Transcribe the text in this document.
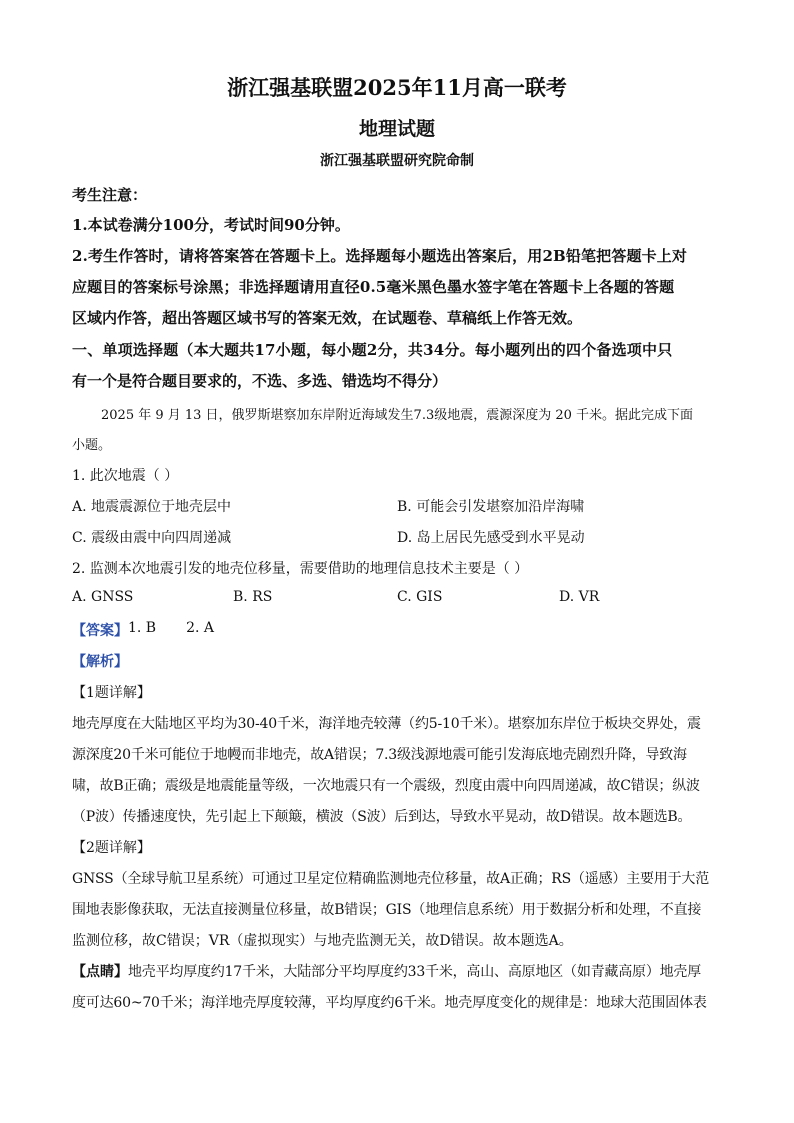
浙江强基联盟2025年11月高一联考
地理试题
浙江强基联盟研究院命制
考生注意：
1.本试卷满分100分，考试时间90分钟。
2.考生作答时，请将答案答在答题卡上。选择题每小题选出答案后，用2B铅笔把答题卡上对
应题目的答案标号涂黑；非选择题请用直径0.5毫米黑色墨水签字笔在答题卡上各题的答题
区域内作答，超出答题区域书写的答案无效，在试题卷、草稿纸上作答无效。
一、单项选择题（本大题共17小题，每小题2分，共34分。每小题列出的四个备选项中只
有一个是符合题目要求的，不选、多选、错选均不得分）
2025 年 9 月 13 日，俄罗斯堪察加东岸附近海域发生7.3级地震，震源深度为 20 千米。据此完成下面
小题。
1. 此次地震（ ）
A. 地震震源位于地壳层中	B. 可能会引发堪察加沿岸海啸
C. 震级由震中向四周递减	D. 岛上居民先感受到水平晃动
2. 监测本次地震引发的地壳位移量，需要借助的地理信息技术主要是（ ）
A. GNSS	B. RS	C. GIS	D. VR
【答案】 1. B 2. A
【解析】
【1题详解】
地壳厚度在大陆地区平均为30-40千米，海洋地壳较薄（约5-10千米）。堪察加东岸位于板块交界处，震
源深度20千米可能位于地幔而非地壳，故A错误；7.3级浅源地震可能引发海底地壳剧烈升降，导致海
啸，故B正确；震级是地震能量等级，一次地震只有一个震级，烈度由震中向四周递减，故C错误；纵波
（P波）传播速度快，先引起上下颠簸，横波（S波）后到达，导致水平晃动，故D错误。故本题选B。
【2题详解】
GNSS（全球导航卫星系统）可通过卫星定位精确监测地壳位移量，故A正确；RS（遥感）主要用于大范
围地表影像获取，无法直接测量位移量，故B错误；GIS（地理信息系统）用于数据分析和处理，不直接
监测位移，故C错误；VR（虚拟现实）与地壳监测无关，故D错误。故本题选A。
【点睛】 地壳平均厚度约17千米，大陆部分平均厚度约33千米，高山、高原地区（如青藏高原）地壳厚
度可达60~70千米；海洋地壳厚度较薄，平均厚度约6千米。地壳厚度变化的规律是：地球大范围固体表
